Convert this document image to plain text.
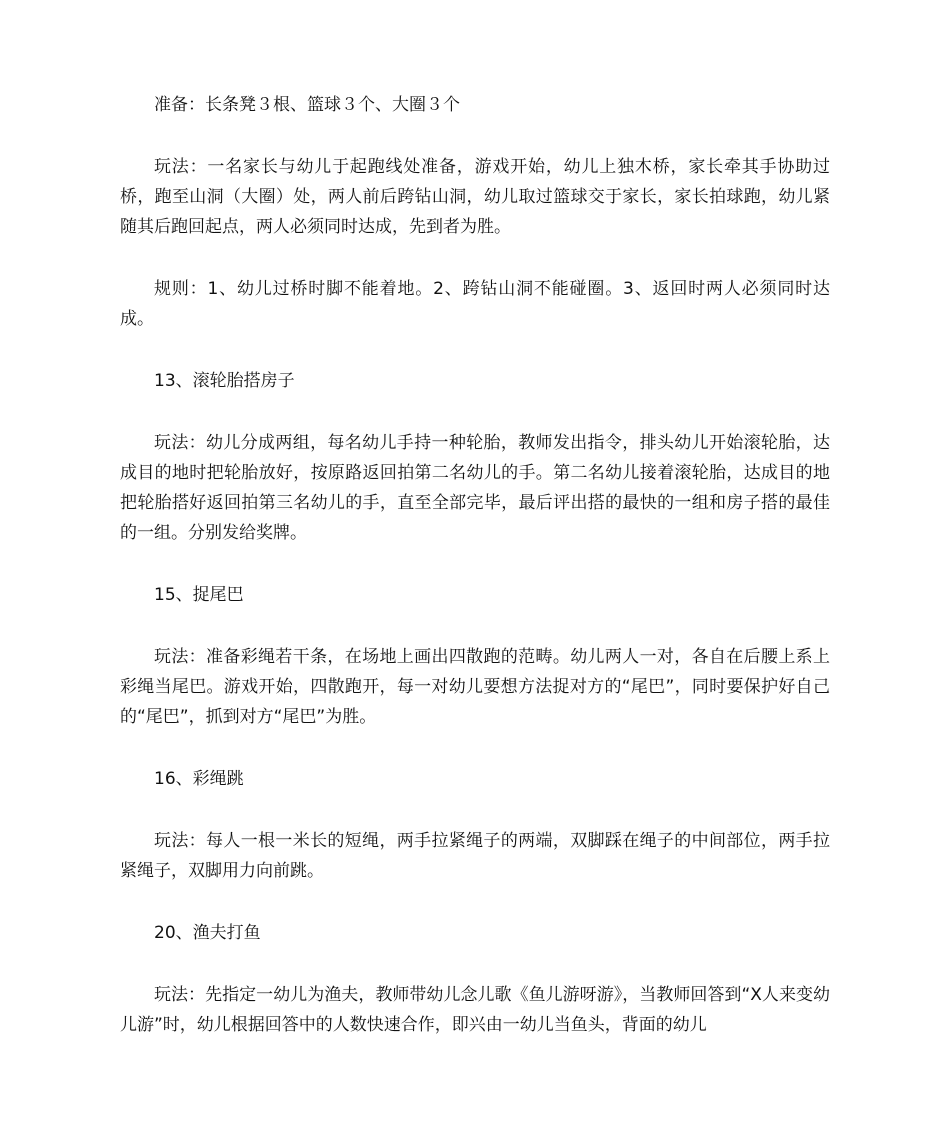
准备：长条凳３根、篮球３个、大圈３个

玩法：一名家长与幼儿于起跑线处准备，游戏开始，幼儿上独木桥，家长牵其手协助过桥，跑至山洞（大圈）处，两人前后跨钻山洞，幼儿取过篮球交于家长，家长拍球跑，幼儿紧随其后跑回起点，两人必须同时达成，先到者为胜。

规则：1、幼儿过桥时脚不能着地。2、跨钻山洞不能碰圈。3、返回时两人必须同时达成。

13、滚轮胎搭房子

玩法：幼儿分成两组，每名幼儿手持一种轮胎，教师发出指令，排头幼儿开始滚轮胎，达成目的地时把轮胎放好，按原路返回拍第二名幼儿的手。第二名幼儿接着滚轮胎，达成目的地把轮胎搭好返回拍第三名幼儿的手，直至全部完毕，最后评出搭的最快的一组和房子搭的最佳的一组。分别发给奖牌。

15、捉尾巴

玩法：准备彩绳若干条，在场地上画出四散跑的范畴。幼儿两人一对，各自在后腰上系上彩绳当尾巴。游戏开始，四散跑开，每一对幼儿要想方法捉对方的“尾巴”，同时要保护好自己的“尾巴”，抓到对方“尾巴”为胜。

16、彩绳跳

玩法：每人一根一米长的短绳，两手拉紧绳子的两端，双脚踩在绳子的中间部位，两手拉紧绳子，双脚用力向前跳。

20、渔夫打鱼

玩法：先指定一幼儿为渔夫，教师带幼儿念儿歌《鱼儿游呀游》，当教师回答到“X人来变幼儿游”时，幼儿根据回答中的人数快速合作，即兴由一幼儿当鱼头，背面的幼儿
